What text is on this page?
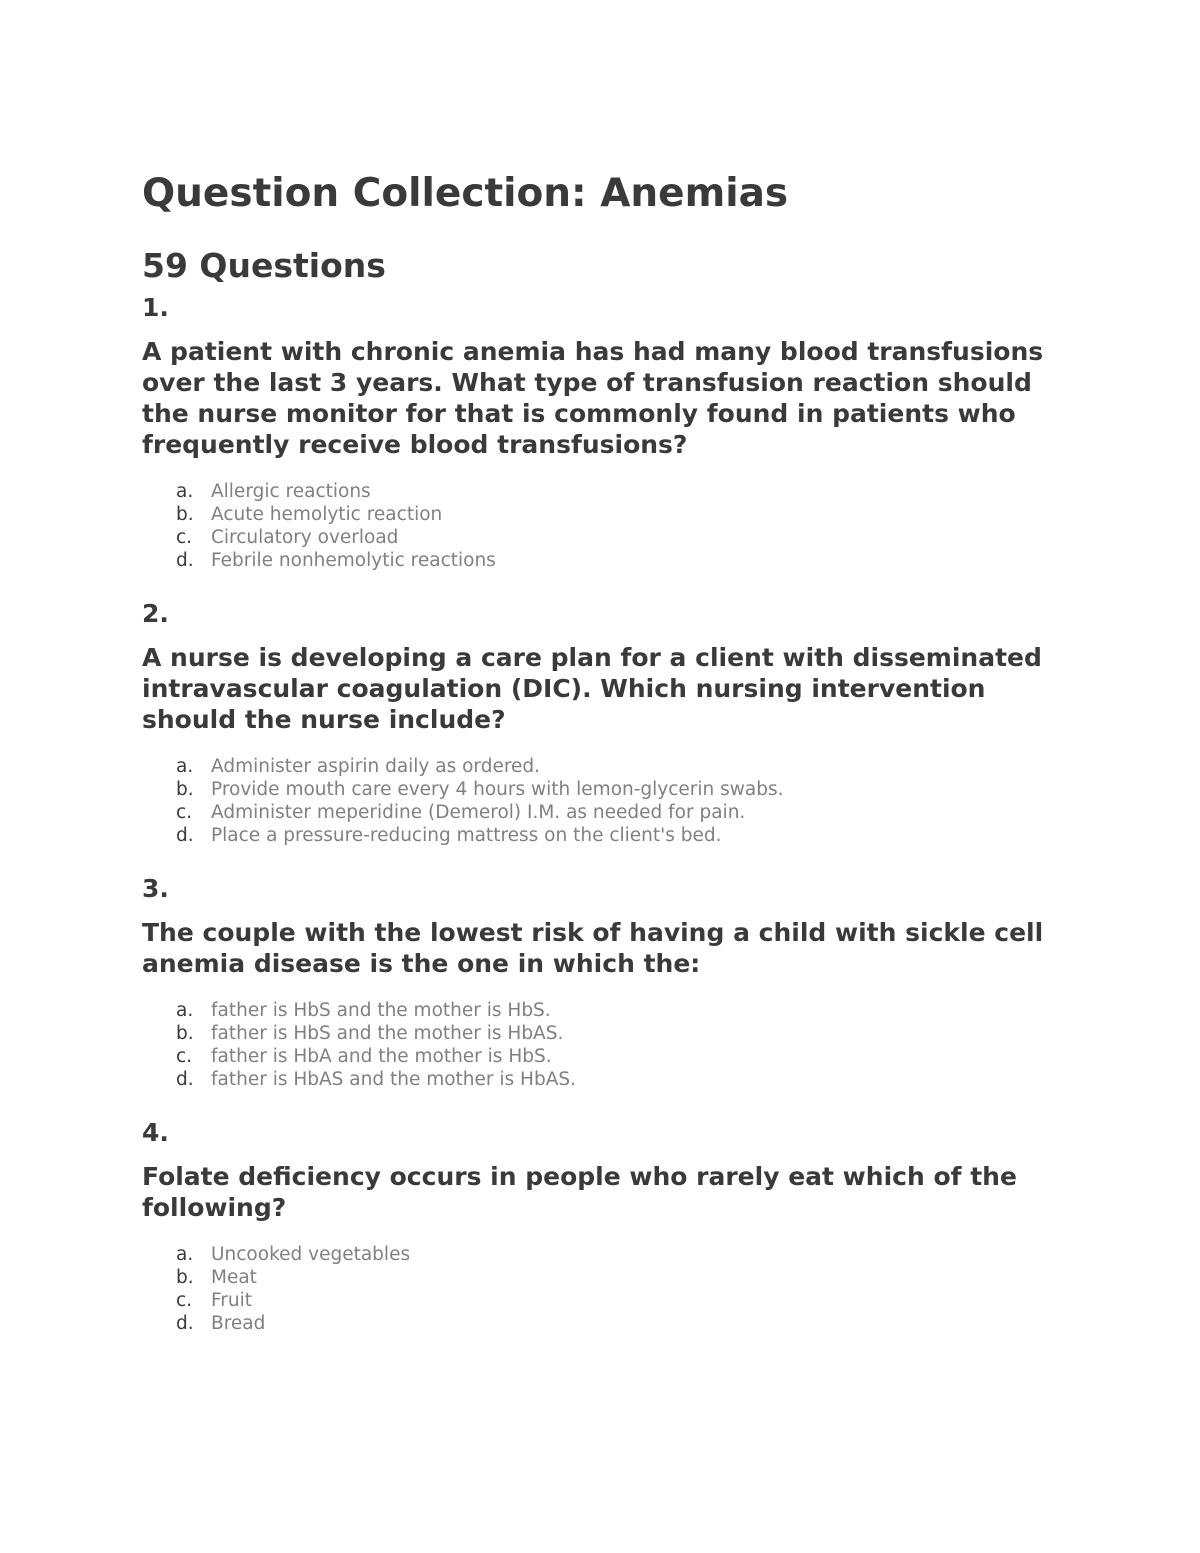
Question Collection: Anemias
59 Questions
1.
A patient with chronic anemia has had many blood transfusions over the last 3 years. What type of transfusion reaction should the nurse monitor for that is commonly found in patients who frequently receive blood transfusions?
a. Allergic reactions
b. Acute hemolytic reaction
c.	Circulatory overload
d. Febrile nonhemolytic reactions
2.
A nurse is developing a care plan for a client with disseminated intravascular coagulation (DIC). Which nursing intervention should the nurse include?
a. Administer aspirin daily as ordered.
b. Provide mouth care every 4 hours with lemon-glycerin swabs.
c.	Administer meperidine (Demerol) I.M. as needed for pain.
d. Place a pressure-reducing mattress on the client's bed.
3.
The couple with the lowest risk of having a child with sickle cell anemia disease is the one in which the:
a. father is HbS and the mother is HbS.
b. father is HbS and the mother is HbAS.
c.	father is HbA and the mother is HbS.
d. father is HbAS and the mother is HbAS.
4.
Folate deficiency occurs in people who rarely eat which of the following?
a. Uncooked vegetables
b. Meat
c.	Fruit
d. Bread
